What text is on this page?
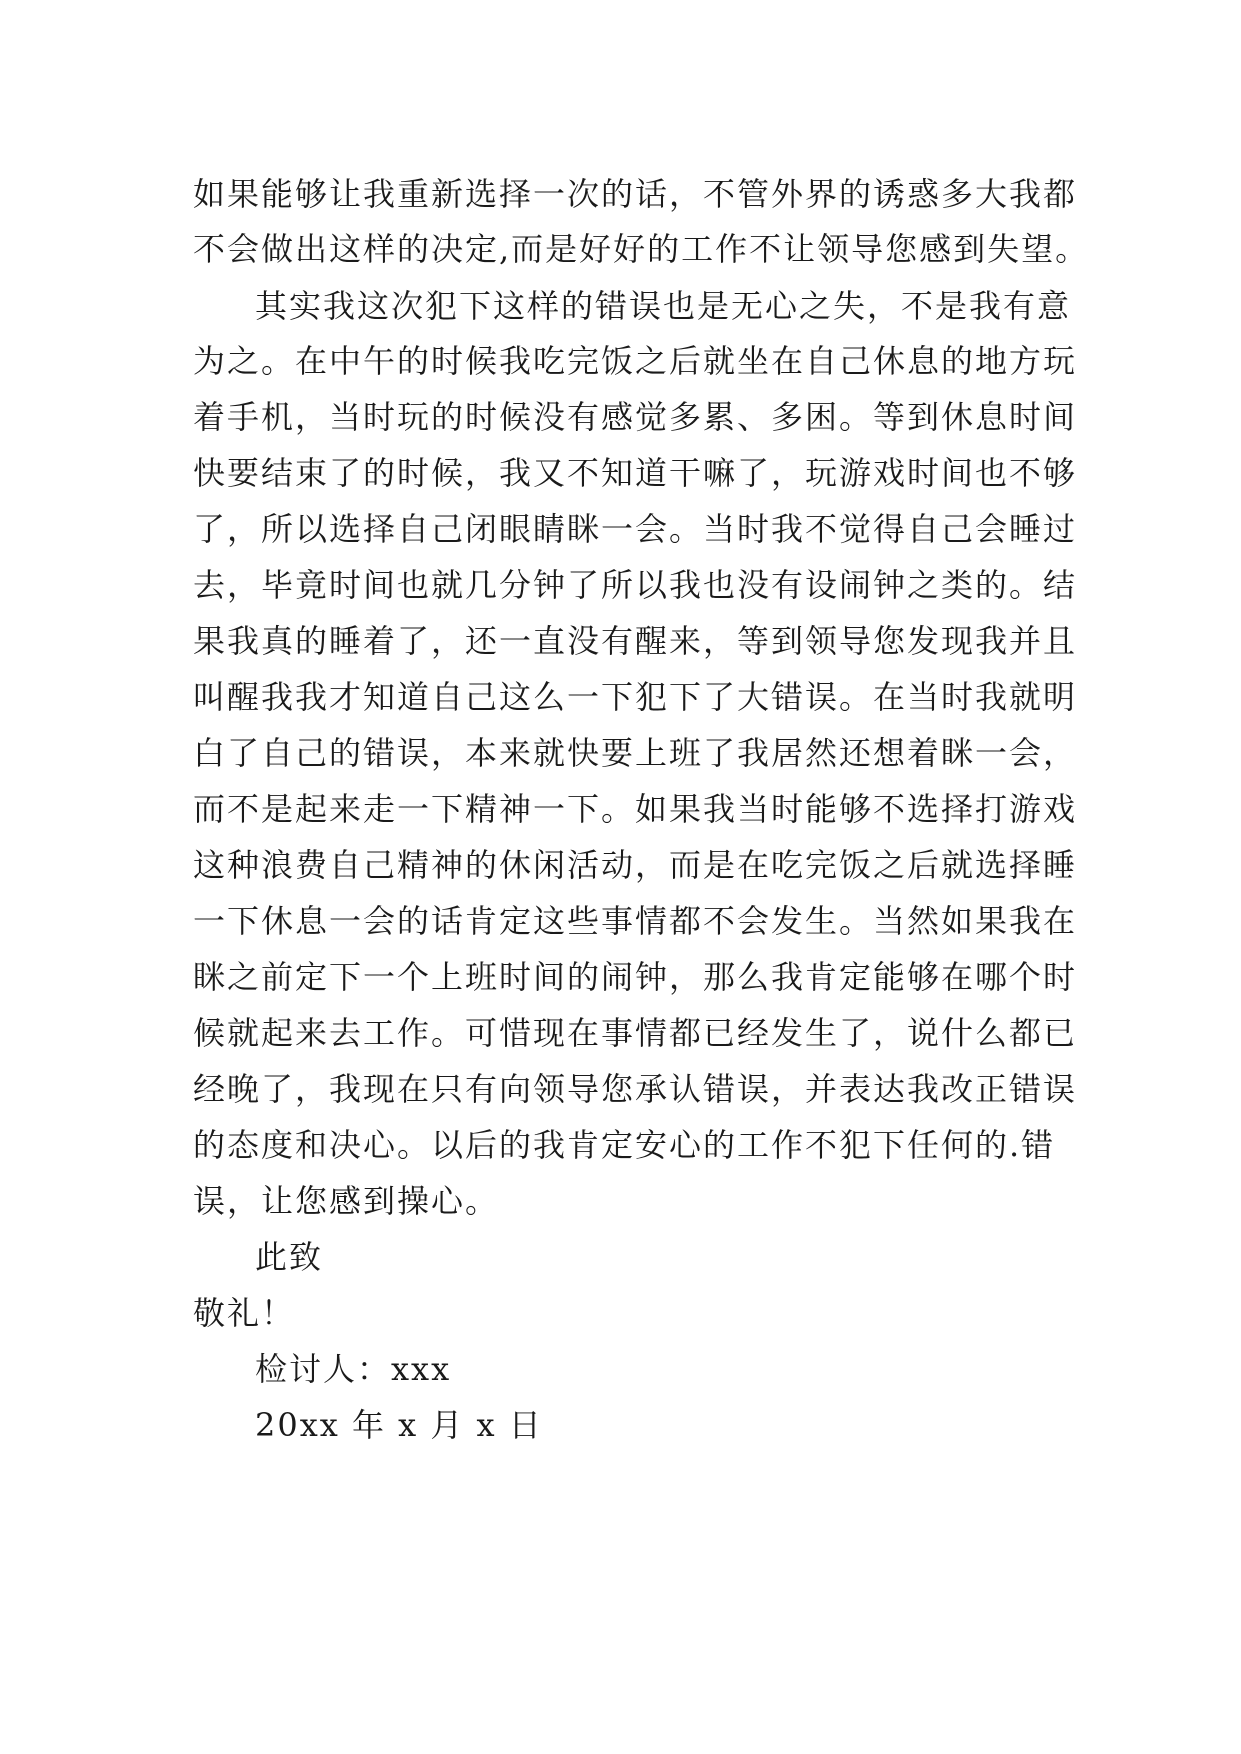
如果能够让我重新选择一次的话，不管外界的诱惑多大我都
不会做出这样的决定,而是好好的工作不让领导您感到失望。
其实我这次犯下这样的错误也是无心之失，不是我有意
为之。在中午的时候我吃完饭之后就坐在自己休息的地方玩
着手机，当时玩的时候没有感觉多累、多困。等到休息时间
快要结束了的时候，我又不知道干嘛了，玩游戏时间也不够
了，所以选择自己闭眼睛眯一会。当时我不觉得自己会睡过
去，毕竟时间也就几分钟了所以我也没有设闹钟之类的。结
果我真的睡着了，还一直没有醒来，等到领导您发现我并且
叫醒我我才知道自己这么一下犯下了大错误。在当时我就明
白了自己的错误，本来就快要上班了我居然还想着眯一会，
而不是起来走一下精神一下。如果我当时能够不选择打游戏
这种浪费自己精神的休闲活动，而是在吃完饭之后就选择睡
一下休息一会的话肯定这些事情都不会发生。当然如果我在
眯之前定下一个上班时间的闹钟，那么我肯定能够在哪个时
候就起来去工作。可惜现在事情都已经发生了，说什么都已
经晚了，我现在只有向领导您承认错误，并表达我改正错误
的态度和决心。以后的我肯定安心的工作不犯下任何的.错
误，让您感到操心。
此致
敬礼！
检讨人：xxx
20xx 年 x 月 x 日
